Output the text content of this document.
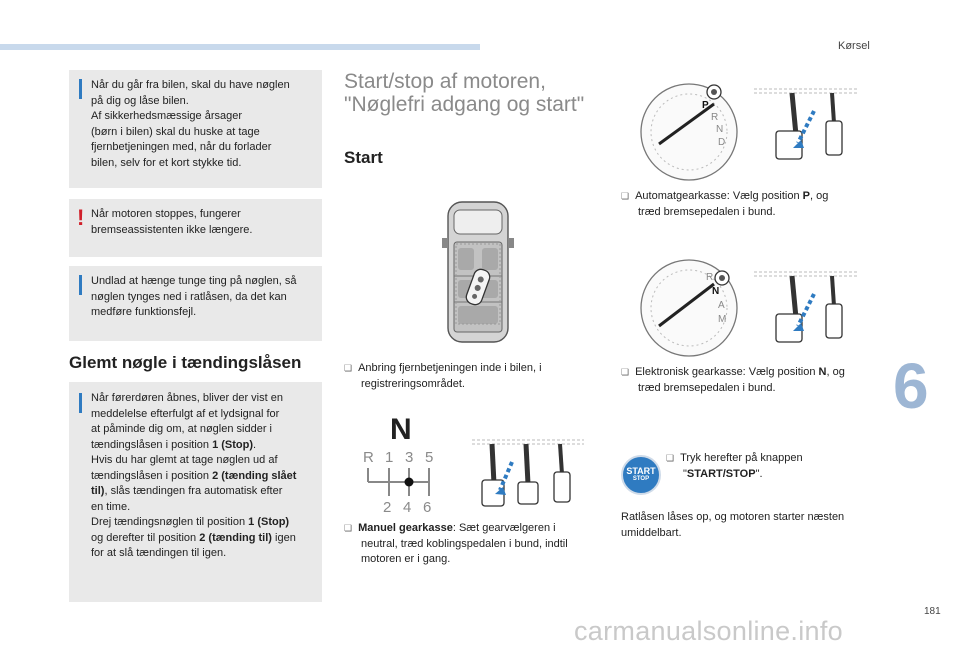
Kørsel
6
181
Når du går fra bilen, skal du have nøglen
på dig og låse bilen.
Af sikkerhedsmæssige årsager
(børn i bilen) skal du huske at tage
fjernbetjeningen med, når du forlader
bilen, selv for et kort stykke tid.
! Når motoren stoppes, fungerer
bremseassistenten ikke længere.
Undlad at hænge tunge ting på nøglen, så
nøglen tynges ned i ratlåsen, da det kan
medføre funktionsfejl.
Glemt nøgle i tændingslåsen
Når førerdøren åbnes, bliver der vist en
meddelelse efterfulgt af et lydsignal for
at påminde dig om, at nøglen sidder i
tændingslåsen i position 1 (Stop).
Hvis du har glemt at tage nøglen ud af
tændingslåsen i position 2 (tænding slået
til), slås tændingen fra automatisk efter
en time.
Drej tændingsnøglen til position 1 (Stop)
og derefter til position 2 (tænding til) igen
for at slå tændingen til igen.
Start/stop af motoren,
"Nøglefri adgang og start"
Start
❏ Anbring fjernbetjeningen inde i bilen, i
registreringsområdet.
N
R 1 3 5
2 4 6
❏ Manuel gearkasse: Sæt gearvælgeren i
neutral, træd koblingspedalen i bund, indtil
motoren er i gang.
P
R
N
D
❏ Automatgearkasse: Vælg position P, og
træd bremsepedalen i bund.
R
N
A
M
❏ Elektronisk gearkasse: Vælg position N, og
træd bremsepedalen i bund.
START
STOP
❏ Tryk herefter på knappen
"START/STOP".
Ratlåsen låses op, og motoren starter næsten
umiddelbart.
carmanualsonline.info
